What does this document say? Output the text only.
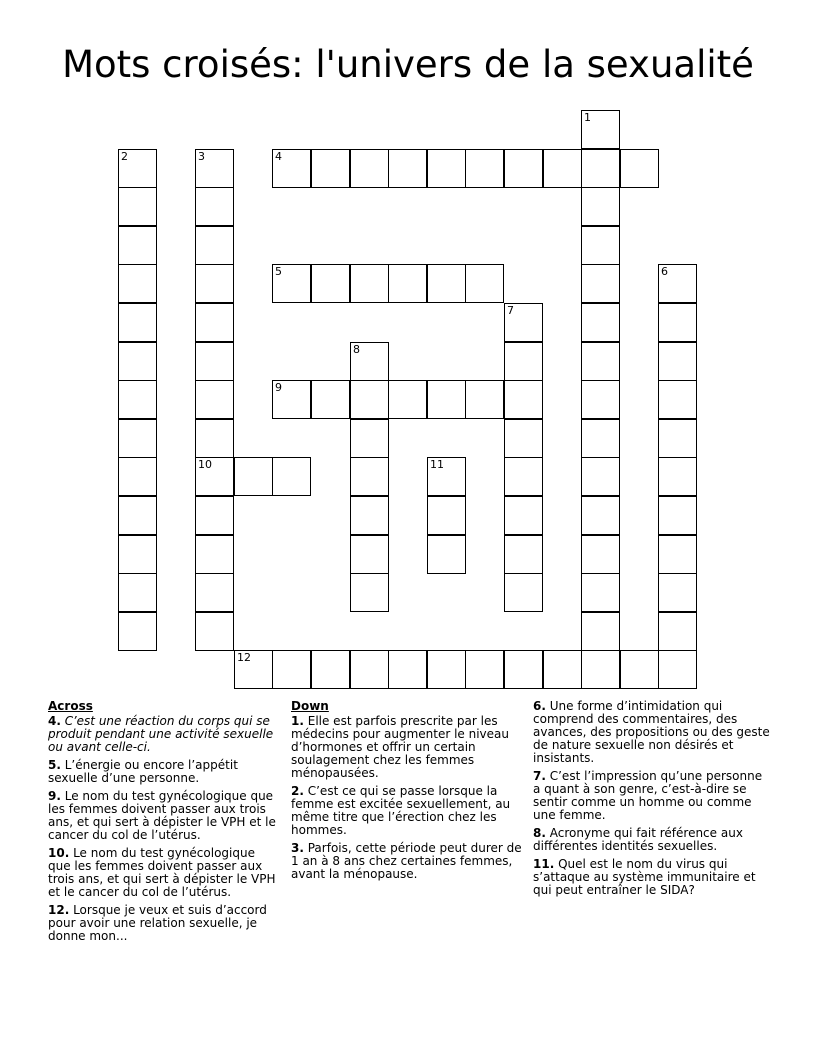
Mots croisés: l'univers de la sexualité
1
2	3
10
4
5	6
7
8
9
11
12
Across
4. C’est une réaction du corps qui se produit pendant une activité sexuelle ou avant celle-ci.
5. L’énergie ou encore l’appétit sexuelle d’une personne.
9. Le nom du test gynécologique que les femmes doivent passer aux trois ans, et qui sert à dépister le VPH et le cancer du col de l’utérus.
10. Le nom du test gynécologique que les femmes doivent passer aux trois ans, et qui sert à dépister le VPH et le cancer du col de l’utérus.
12. Lorsque je veux et suis d’accord pour avoir une relation sexuelle, je donne mon...
Down
1. Elle est parfois prescrite par les médecins pour augmenter le niveau d’hormones et offrir un certain soulagement chez les femmes ménopausées.
2. C’est ce qui se passe lorsque la femme est excitée sexuellement, au même titre que l’érection chez les hommes.
3. Parfois, cette période peut durer de 1 an à 8 ans chez certaines femmes, avant la ménopause.
6. Une forme d’intimidation qui comprend des commentaires, des avances, des propositions ou des geste de nature sexuelle non désirés et insistants.
7. C’est l’impression qu’une personne a quant à son genre, c’est-à-dire se sentir comme un homme ou comme une femme.
8. Acronyme qui fait référence aux différentes identités sexuelles.
11. Quel est le nom du virus qui s’attaque au système immunitaire et qui peut entraîner le SIDA?
